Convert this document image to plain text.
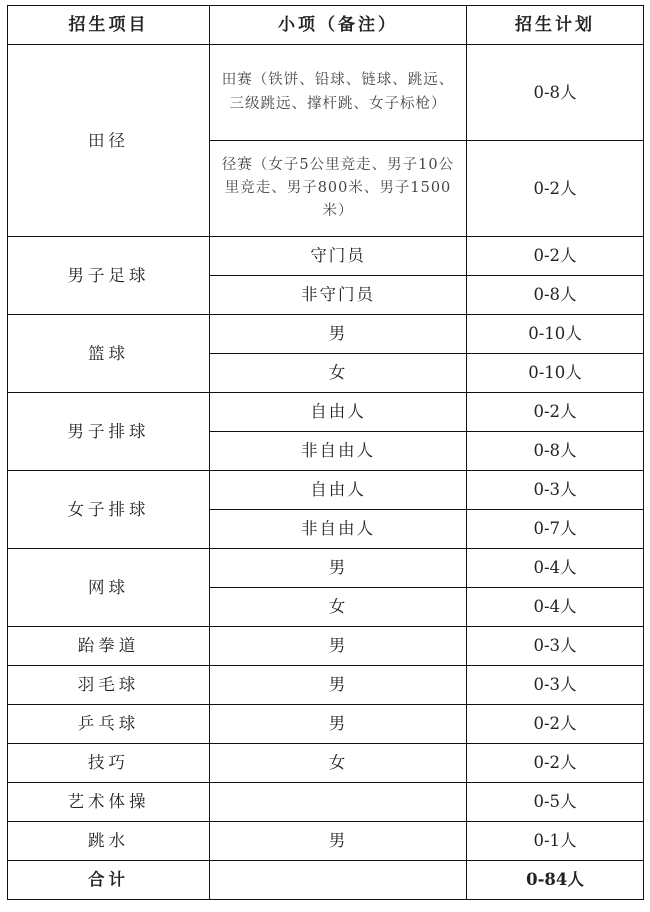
招生项目	小项（备注）	招生计划
田径	田赛（铁饼、铅球、链球、跳远、三级跳远、撑杆跳、女子标枪）	0-8人
	径赛（女子5公里竞走、男子10公里竞走、男子800米、男子1500米）	0-2人
男子足球	守门员	0-2人
	非守门员	0-8人
篮球	男	0-10人
	女	0-10人
男子排球	自由人	0-2人
	非自由人	0-8人
女子排球	自由人	0-3人
	非自由人	0-7人
网球	男	0-4人
	女	0-4人
跆拳道	男	0-3人
羽毛球	男	0-3人
乒乓球	男	0-2人
技巧	女	0-2人
艺术体操		0-5人
跳水	男	0-1人
合计		0-84人
